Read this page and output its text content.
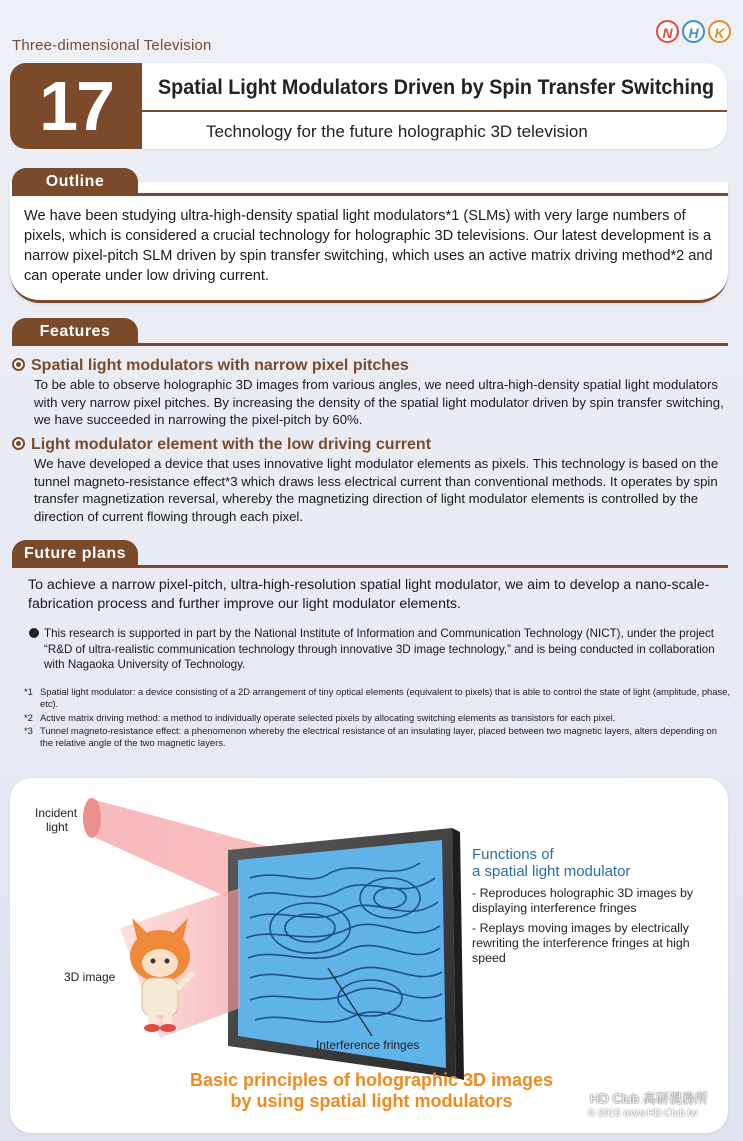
Three-dimensional Television
N	H	K
17	Spatial Light Modulators Driven by Spin Transfer Switching
Technology for the future holographic 3D television
Outline
We have been studying ultra-high-density spatial light modulators*1 (SLMs) with very large numbers of pixels, which is considered a crucial technology for holographic 3D televisions. Our latest development is a narrow pixel-pitch SLM driven by spin transfer switching, which uses an active matrix driving method*2 and can operate under low driving current.
Features
Spatial light modulators with narrow pixel pitches
To be able to observe holographic 3D images from various angles, we need ultra-high-density spatial light modulators with very narrow pixel pitches. By increasing the density of the spatial light modulator driven by spin transfer switching, we have succeeded in narrowing the pixel-pitch by 60%.
Light modulator element with the low driving current
We have developed a device that uses innovative light modulator elements as pixels. This technology is based on the tunnel magneto-resistance effect*3 which draws less electrical current than conventional methods. It operates by spin transfer magnetization reversal, whereby the magnetizing direction of light modulator elements is controlled by the direction of current flowing through each pixel.
Future plans
To achieve a narrow pixel-pitch, ultra-high-resolution spatial light modulator, we aim to develop a nano-scale-fabrication process and further improve our light modulator elements.
This research is supported in part by the National Institute of Information and Communication Technology (NICT), under the project “R&D of ultra-realistic communication technology through innovative 3D image technology,” and is being conducted in collaboration with Nagaoka University of Technology.
*1 Spatial light modulator: a device consisting of a 2D arrangement of tiny optical elements (equivalent to pixels) that is able to control the state of light (amplitude, phase, etc).
*2 Active matrix driving method: a method to individually operate selected pixels by allocating switching elements as transistors for each pixel.
*3 Tunnel magneto-resistance effect: a phenomenon whereby the electrical resistance of an insulating layer, placed between two magnetic layers, alters depending on the relative angle of the two magnetic layers.
Incident
light
3D image
Interference fringes
Functions of
a spatial light modulator
- Reproduces holographic 3D images by displaying interference fringes
- Replays moving images by electrically rewriting the interference fringes at high speed
Basic principles of holographic 3D images
by using spatial light modulators	HD Club 高研視務所
© 2015 www.HD.Club.tw
